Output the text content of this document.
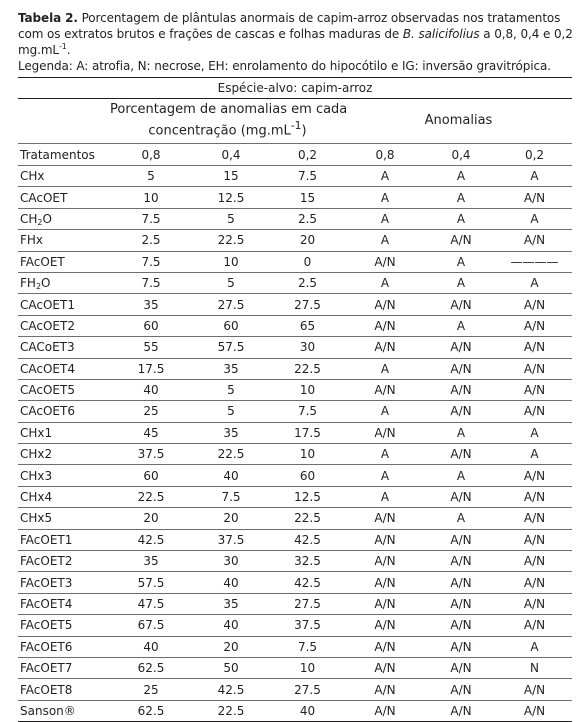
Tabela 2. Porcentagem de plântulas anormais de capim-arroz observadas nos tratamentos com os extratos brutos e frações de cascas e folhas maduras de B. salicifolius a 0,8, 0,4 e 0,2 $mg.mL^{-1}$.
Legenda: A: atrofia, N: necrose, EH: enrolamento do hipocótilo e IG: inversão gravitrópica.
Espécie-alvo: capim-arroz						
	Porcentagem de anomalias em cada
concentração $(mg.mL^{-1})$			Anomalias		
Tratamentos	0,8	0,4	0,2	0,8	0,4	0,2
CHx	5	15	7.5	A	A	A
CAcOET	10	12.5	15	A	A	A/N
$CH_2O$	7.5	5	2.5	A	A	A
FHx	2.5	22.5	20	A	A/N	A/N
FAcOET	7.5	10	0	A/N	A	————
$FH_2O$	7.5	5	2.5	A	A	A
CAcOET1	35	27.5	27.5	A/N	A/N	A/N
CAcOET2	60	60	65	A/N	A	A/N
CACoET3	55	57.5	30	A/N	A/N	A/N
CAcOET4	17.5	35	22.5	A	A/N	A/N
CAcOET5	40	5	10	A/N	A/N	A/N
CAcOET6	25	5	7.5	A	A/N	A/N
CHx1	45	35	17.5	A/N	A	A
CHx2	37.5	22.5	10	A	A/N	A
CHx3	60	40	60	A	A	A/N
CHx4	22.5	7.5	12.5	A	A/N	A/N
CHx5	20	20	22.5	A/N	A	A/N
FAcOET1	42.5	37.5	42.5	A/N	A/N	A/N
FAcOET2	35	30	32.5	A/N	A/N	A/N
FAcOET3	57.5	40	42.5	A/N	A/N	A/N
FAcOET4	47.5	35	27.5	A/N	A/N	A/N
FAcOET5	67.5	40	37.5	A/N	A/N	A/N
FAcOET6	40	20	7.5	A/N	A/N	A
FAcOET7	62.5	50	10	A/N	A/N	N
FAcOET8	25	42.5	27.5	A/N	A/N	A/N
Sanson®	62.5	22.5	40	A/N	A/N	A/N
